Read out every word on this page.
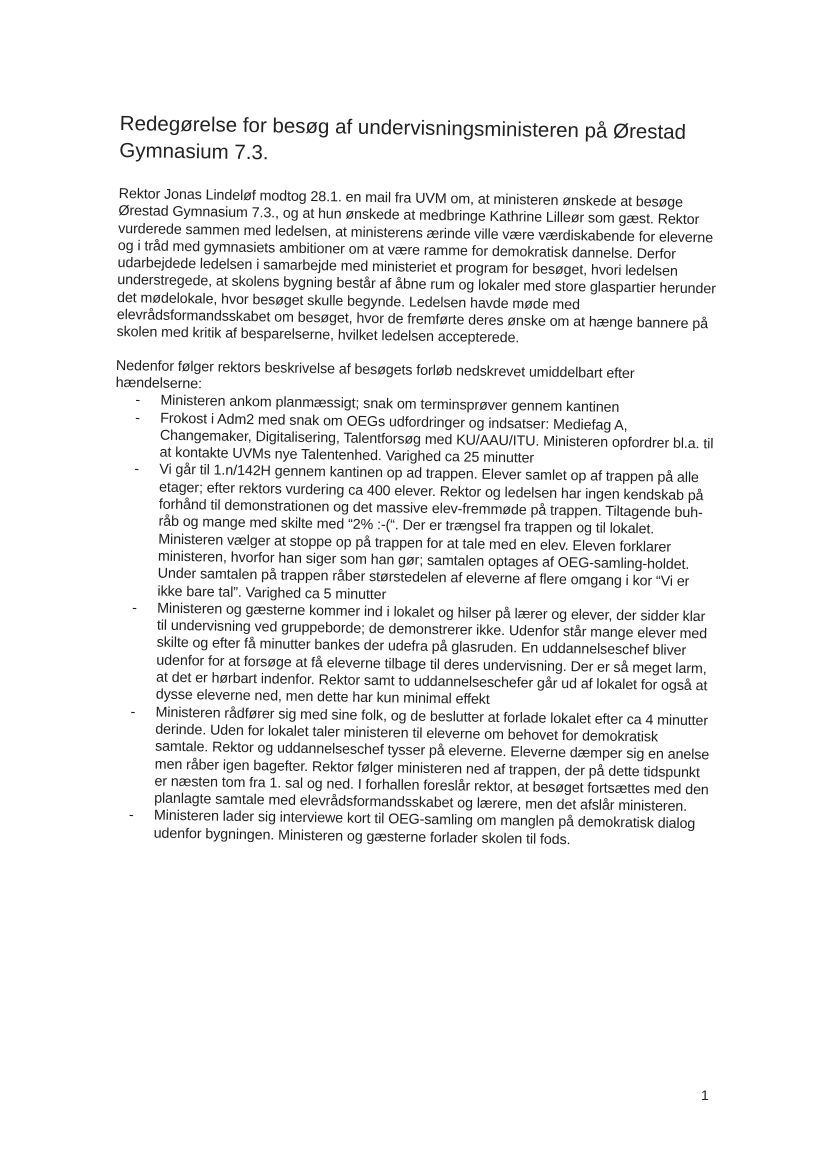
Redegørelse for besøg af undervisningsministeren på Ørestad Gymnasium 7.3.

Rektor Jonas Lindeløf modtog 28.1. en mail fra UVM om, at ministeren ønskede at besøge Ørestad Gymnasium 7.3., og at hun ønskede at medbringe Kathrine Lilleør som gæst. Rektor vurderede sammen med ledelsen, at ministerens ærinde ville være værdiskabende for eleverne og i tråd med gymnasiets ambitioner om at være ramme for demokratisk dannelse. Derfor udarbejdede ledelsen i samarbejde med ministeriet et program for besøget, hvori ledelsen understregede, at skolens bygning består af åbne rum og lokaler med store glaspartier herunder det mødelokale, hvor besøget skulle begynde. Ledelsen havde møde med elevrådsformandsskabet om besøget, hvor de fremførte deres ønske om at hænge bannere på skolen med kritik af besparelserne, hvilket ledelsen accepterede.

Nedenfor følger rektors beskrivelse af besøgets forløb nedskrevet umiddelbart efter hændelserne:

- Ministeren ankom planmæssigt; snak om terminsprøver gennem kantinen
- Frokost i Adm2 med snak om OEGs udfordringer og indsatser: Mediefag A, Changemaker, Digitalisering, Talentforsøg med KU/AAU/ITU. Ministeren opfordrer bl.a. til at kontakte UVMs nye Talentenhed. Varighed ca 25 minutter
- Vi går til 1.n/142H gennem kantinen op ad trappen. Elever samlet op af trappen på alle etager; efter rektors vurdering ca 400 elever. Rektor og ledelsen har ingen kendskab på forhånd til demonstrationen og det massive elev-fremmøde på trappen. Tiltagende buh-råb og mange med skilte med “2% :-(“. Der er trængsel fra trappen og til lokalet. Ministeren vælger at stoppe op på trappen for at tale med en elev. Eleven forklarer ministeren, hvorfor han siger som han gør; samtalen optages af OEG-samling-holdet. Under samtalen på trappen råber størstedelen af eleverne af flere omgang i kor “Vi er ikke bare tal”. Varighed ca 5 minutter
- Ministeren og gæsterne kommer ind i lokalet og hilser på lærer og elever, der sidder klar til undervisning ved gruppeborde; de demonstrerer ikke. Udenfor står mange elever med skilte og efter få minutter bankes der udefra på glasruden. En uddannelseschef bliver udenfor for at forsøge at få eleverne tilbage til deres undervisning. Der er så meget larm, at det er hørbart indenfor. Rektor samt to uddannelseschefer går ud af lokalet for også at dysse eleverne ned, men dette har kun minimal effekt
- Ministeren rådfører sig med sine folk, og de beslutter at forlade lokalet efter ca 4 minutter derinde. Uden for lokalet taler ministeren til eleverne om behovet for demokratisk samtale. Rektor og uddannelseschef tysser på eleverne. Eleverne dæmper sig en anelse men råber igen bagefter. Rektor følger ministeren ned af trappen, der på dette tidspunkt er næsten tom fra 1. sal og ned. I forhallen foreslår rektor, at besøget fortsættes med den planlagte samtale med elevrådsformandsskabet og lærere, men det afslår ministeren.
- Ministeren lader sig interviewe kort til OEG-samling om manglen på demokratisk dialog udenfor bygningen. Ministeren og gæsterne forlader skolen til fods.
1
